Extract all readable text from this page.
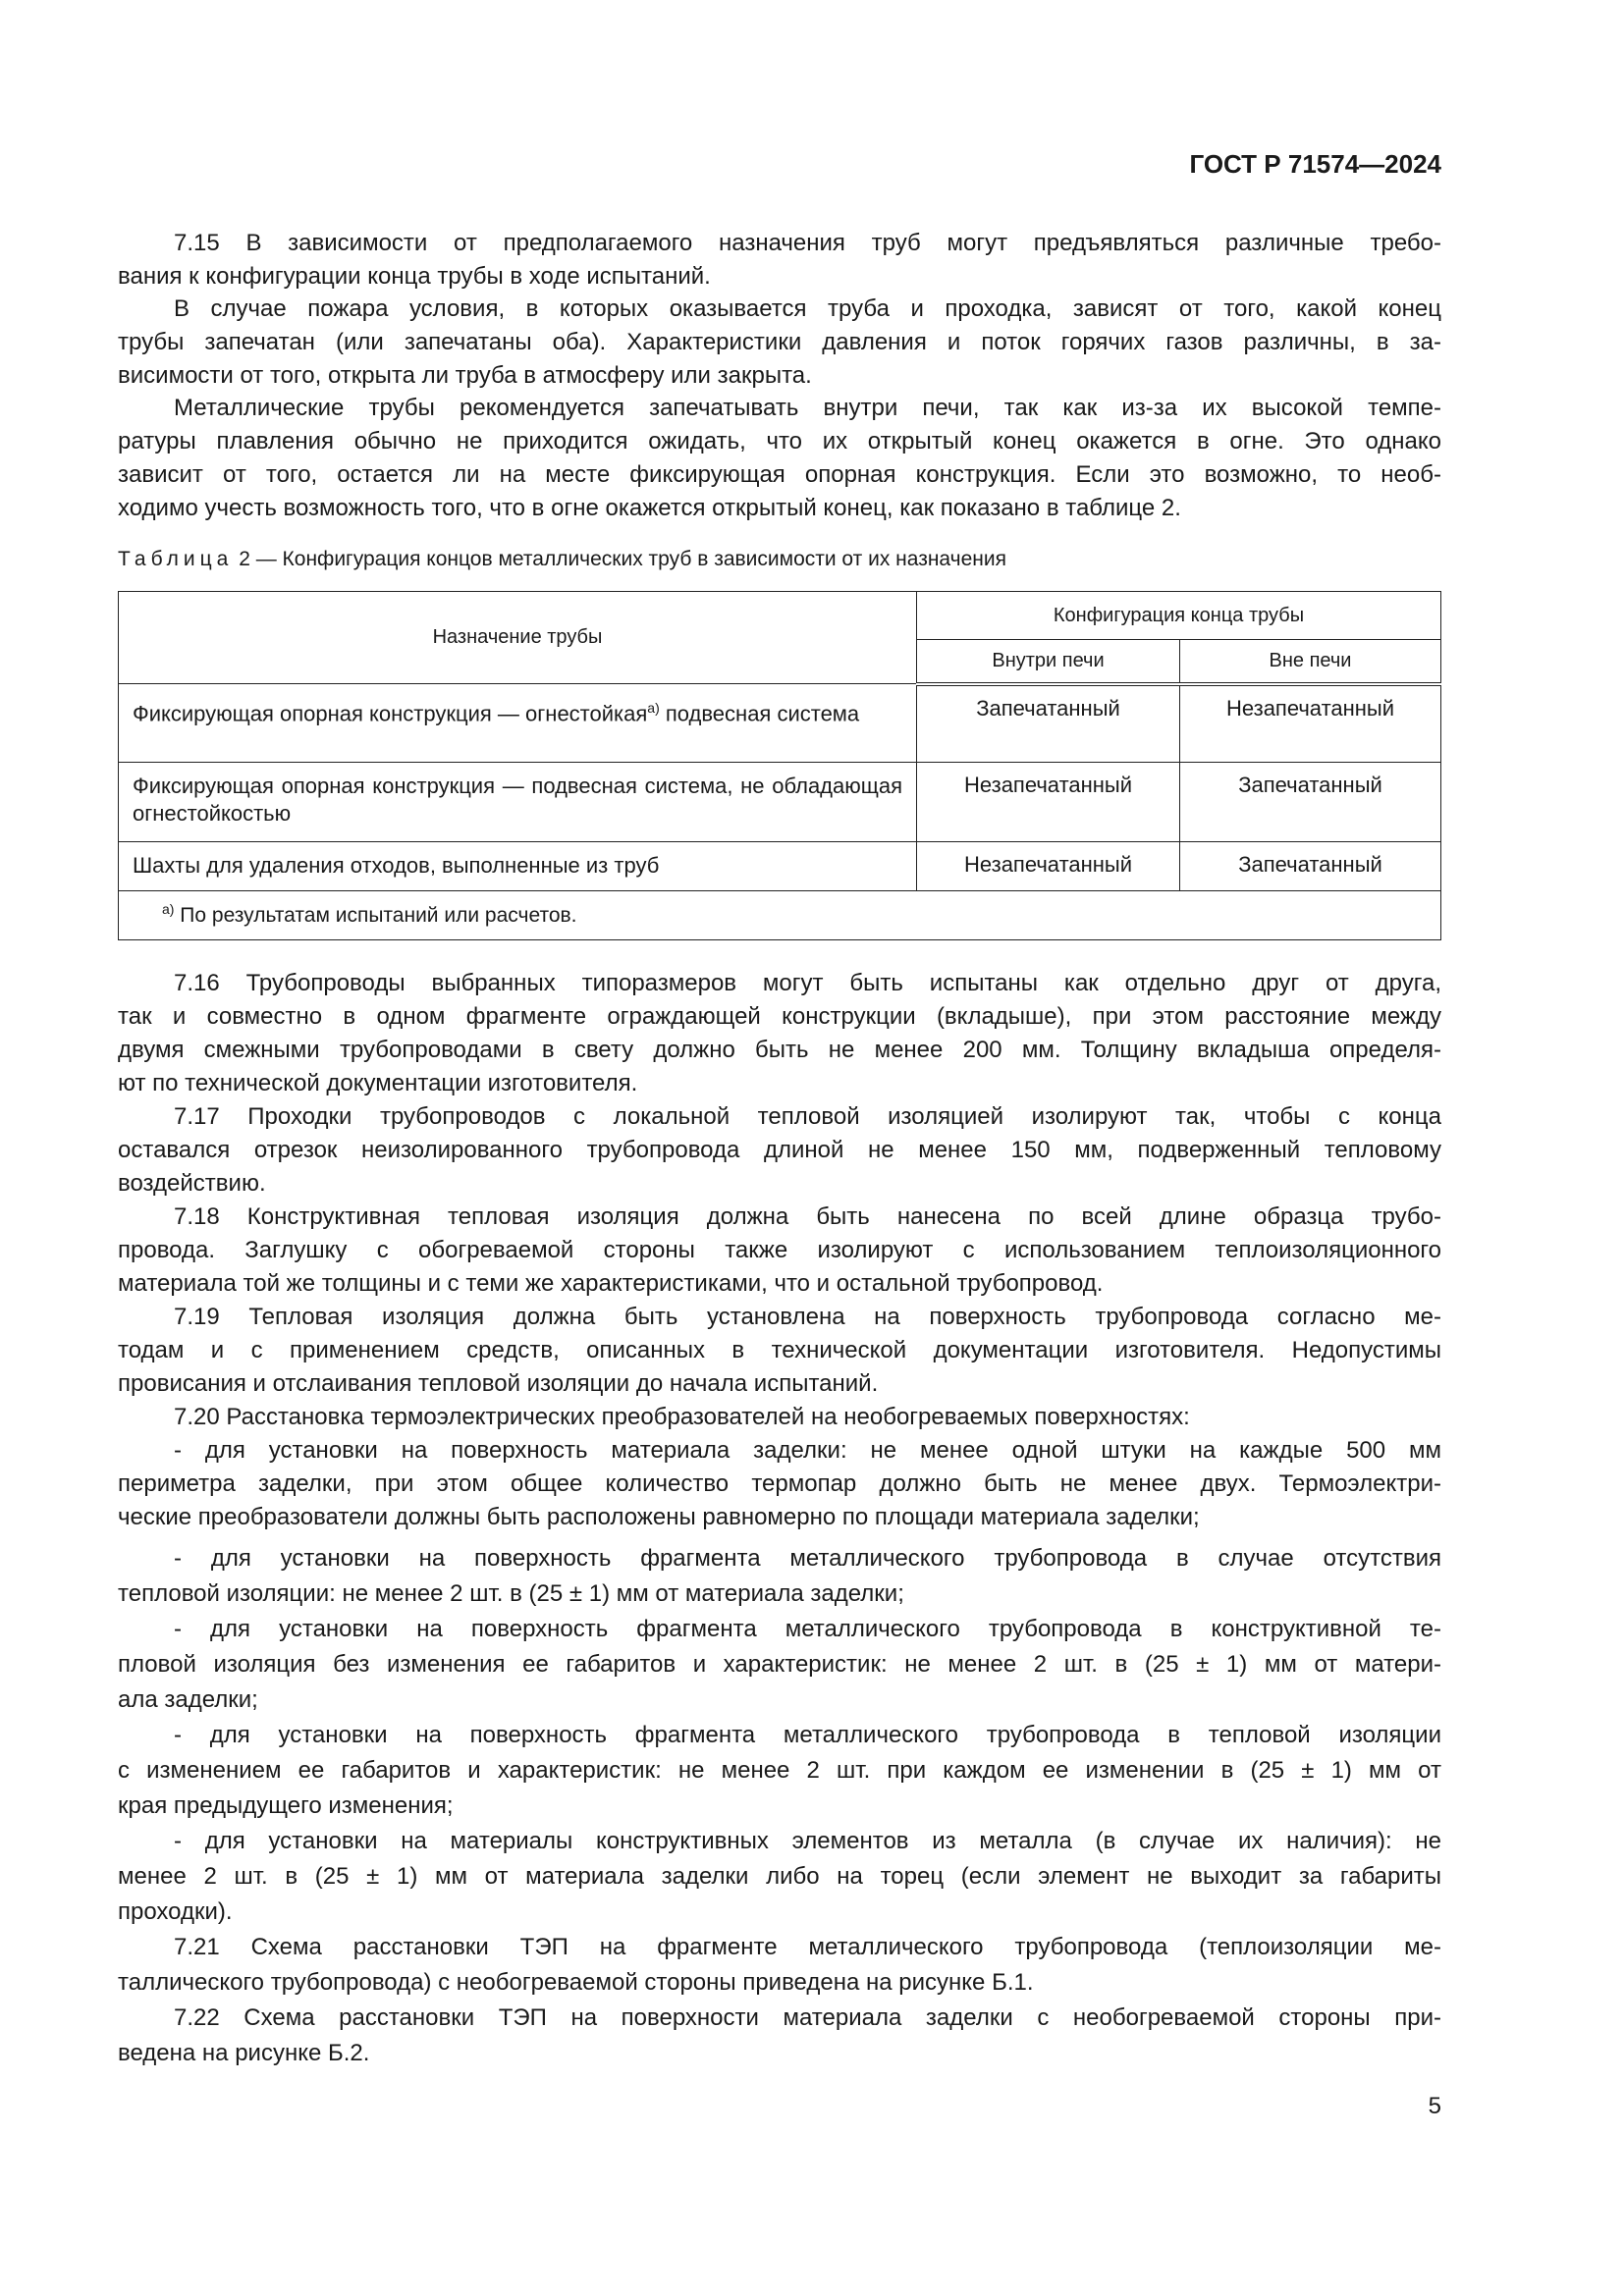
ГОСТ Р 71574—2024
7.15 В зависимости от предполагаемого назначения труб могут предъявляться различные требо-
вания к конфигурации конца трубы в ходе испытаний.
В случае пожара условия, в которых оказывается труба и проходка, зависят от того, какой конец
трубы запечатан (или запечатаны оба). Характеристики давления и поток горячих газов различны, в за-
висимости от того, открыта ли труба в атмосферу или закрыта.
Металлические трубы рекомендуется запечатывать внутри печи, так как из-за их высокой темпе-
ратуры плавления обычно не приходится ожидать, что их открытый конец окажется в огне. Это однако
зависит от того, остается ли на месте фиксирующая опорная конструкция. Если это возможно, то необ-
ходимо учесть возможность того, что в огне окажется открытый конец, как показано в таблице 2.
Таблица 2 — Конфигурация концов металлических труб в зависимости от их назначения
Назначение трубы	Конфигурация конца трубы	
	Внутри печи	Вне печи
Фиксирующая опорная конструкция — огнестойкая$^{а)}$ подвесная система	Запечатанный	Незапечатанный
Фиксирующая опорная конструкция — подвесная система, не обладающая огнестойкостью	Незапечатанный	Запечатанный
Шахты для удаления отходов, выполненные из труб	Незапечатанный	Запечатанный
$^{а)}$ По результатам испытаний или расчетов.		
7.16 Трубопроводы выбранных типоразмеров могут быть испытаны как отдельно друг от друга,
так и совместно в одном фрагменте ограждающей конструкции (вкладыше), при этом расстояние между
двумя смежными трубопроводами в свету должно быть не менее 200 мм. Толщину вкладыша определя-
ют по технической документации изготовителя.
7.17 Проходки трубопроводов с локальной тепловой изоляцией изолируют так, чтобы с конца
оставался отрезок неизолированного трубопровода длиной не менее 150 мм, подверженный тепловому
воздействию.
7.18 Конструктивная тепловая изоляция должна быть нанесена по всей длине образца трубо-
провода. Заглушку с обогреваемой стороны также изолируют с использованием теплоизоляционного
материала той же толщины и с теми же характеристиками, что и остальной трубопровод.
7.19 Тепловая изоляция должна быть установлена на поверхность трубопровода согласно ме-
тодам и с применением средств, описанных в технической документации изготовителя. Недопустимы
провисания и отслаивания тепловой изоляции до начала испытаний.
7.20 Расстановка термоэлектрических преобразователей на необогреваемых поверхностях:
- для установки на поверхность материала заделки: не менее одной штуки на каждые 500 мм
периметра заделки, при этом общее количество термопар должно быть не менее двух. Термоэлектри-
ческие преобразователи должны быть расположены равномерно по площади материала заделки;
- для установки на поверхность фрагмента металлического трубопровода в случае отсутствия
тепловой изоляции: не менее 2 шт. в (25 ± 1) мм от материала заделки;
- для установки на поверхность фрагмента металлического трубопровода в конструктивной те-
пловой изоляция без изменения ее габаритов и характеристик: не менее 2 шт. в (25 ± 1) мм от матери-
ала заделки;
- для установки на поверхность фрагмента металлического трубопровода в тепловой изоляции
с изменением ее габаритов и характеристик: не менее 2 шт. при каждом ее изменении в (25 ± 1) мм от
края предыдущего изменения;
- для установки на материалы конструктивных элементов из металла (в случае их наличия): не
менее 2 шт. в (25 ± 1) мм от материала заделки либо на торец (если элемент не выходит за габариты
проходки).
7.21 Схема расстановки ТЭП на фрагменте металлического трубопровода (теплоизоляции ме-
таллического трубопровода) с необогреваемой стороны приведена на рисунке Б.1.
7.22 Схема расстановки ТЭП на поверхности материала заделки с необогреваемой стороны при-
ведена на рисунке Б.2.
5
